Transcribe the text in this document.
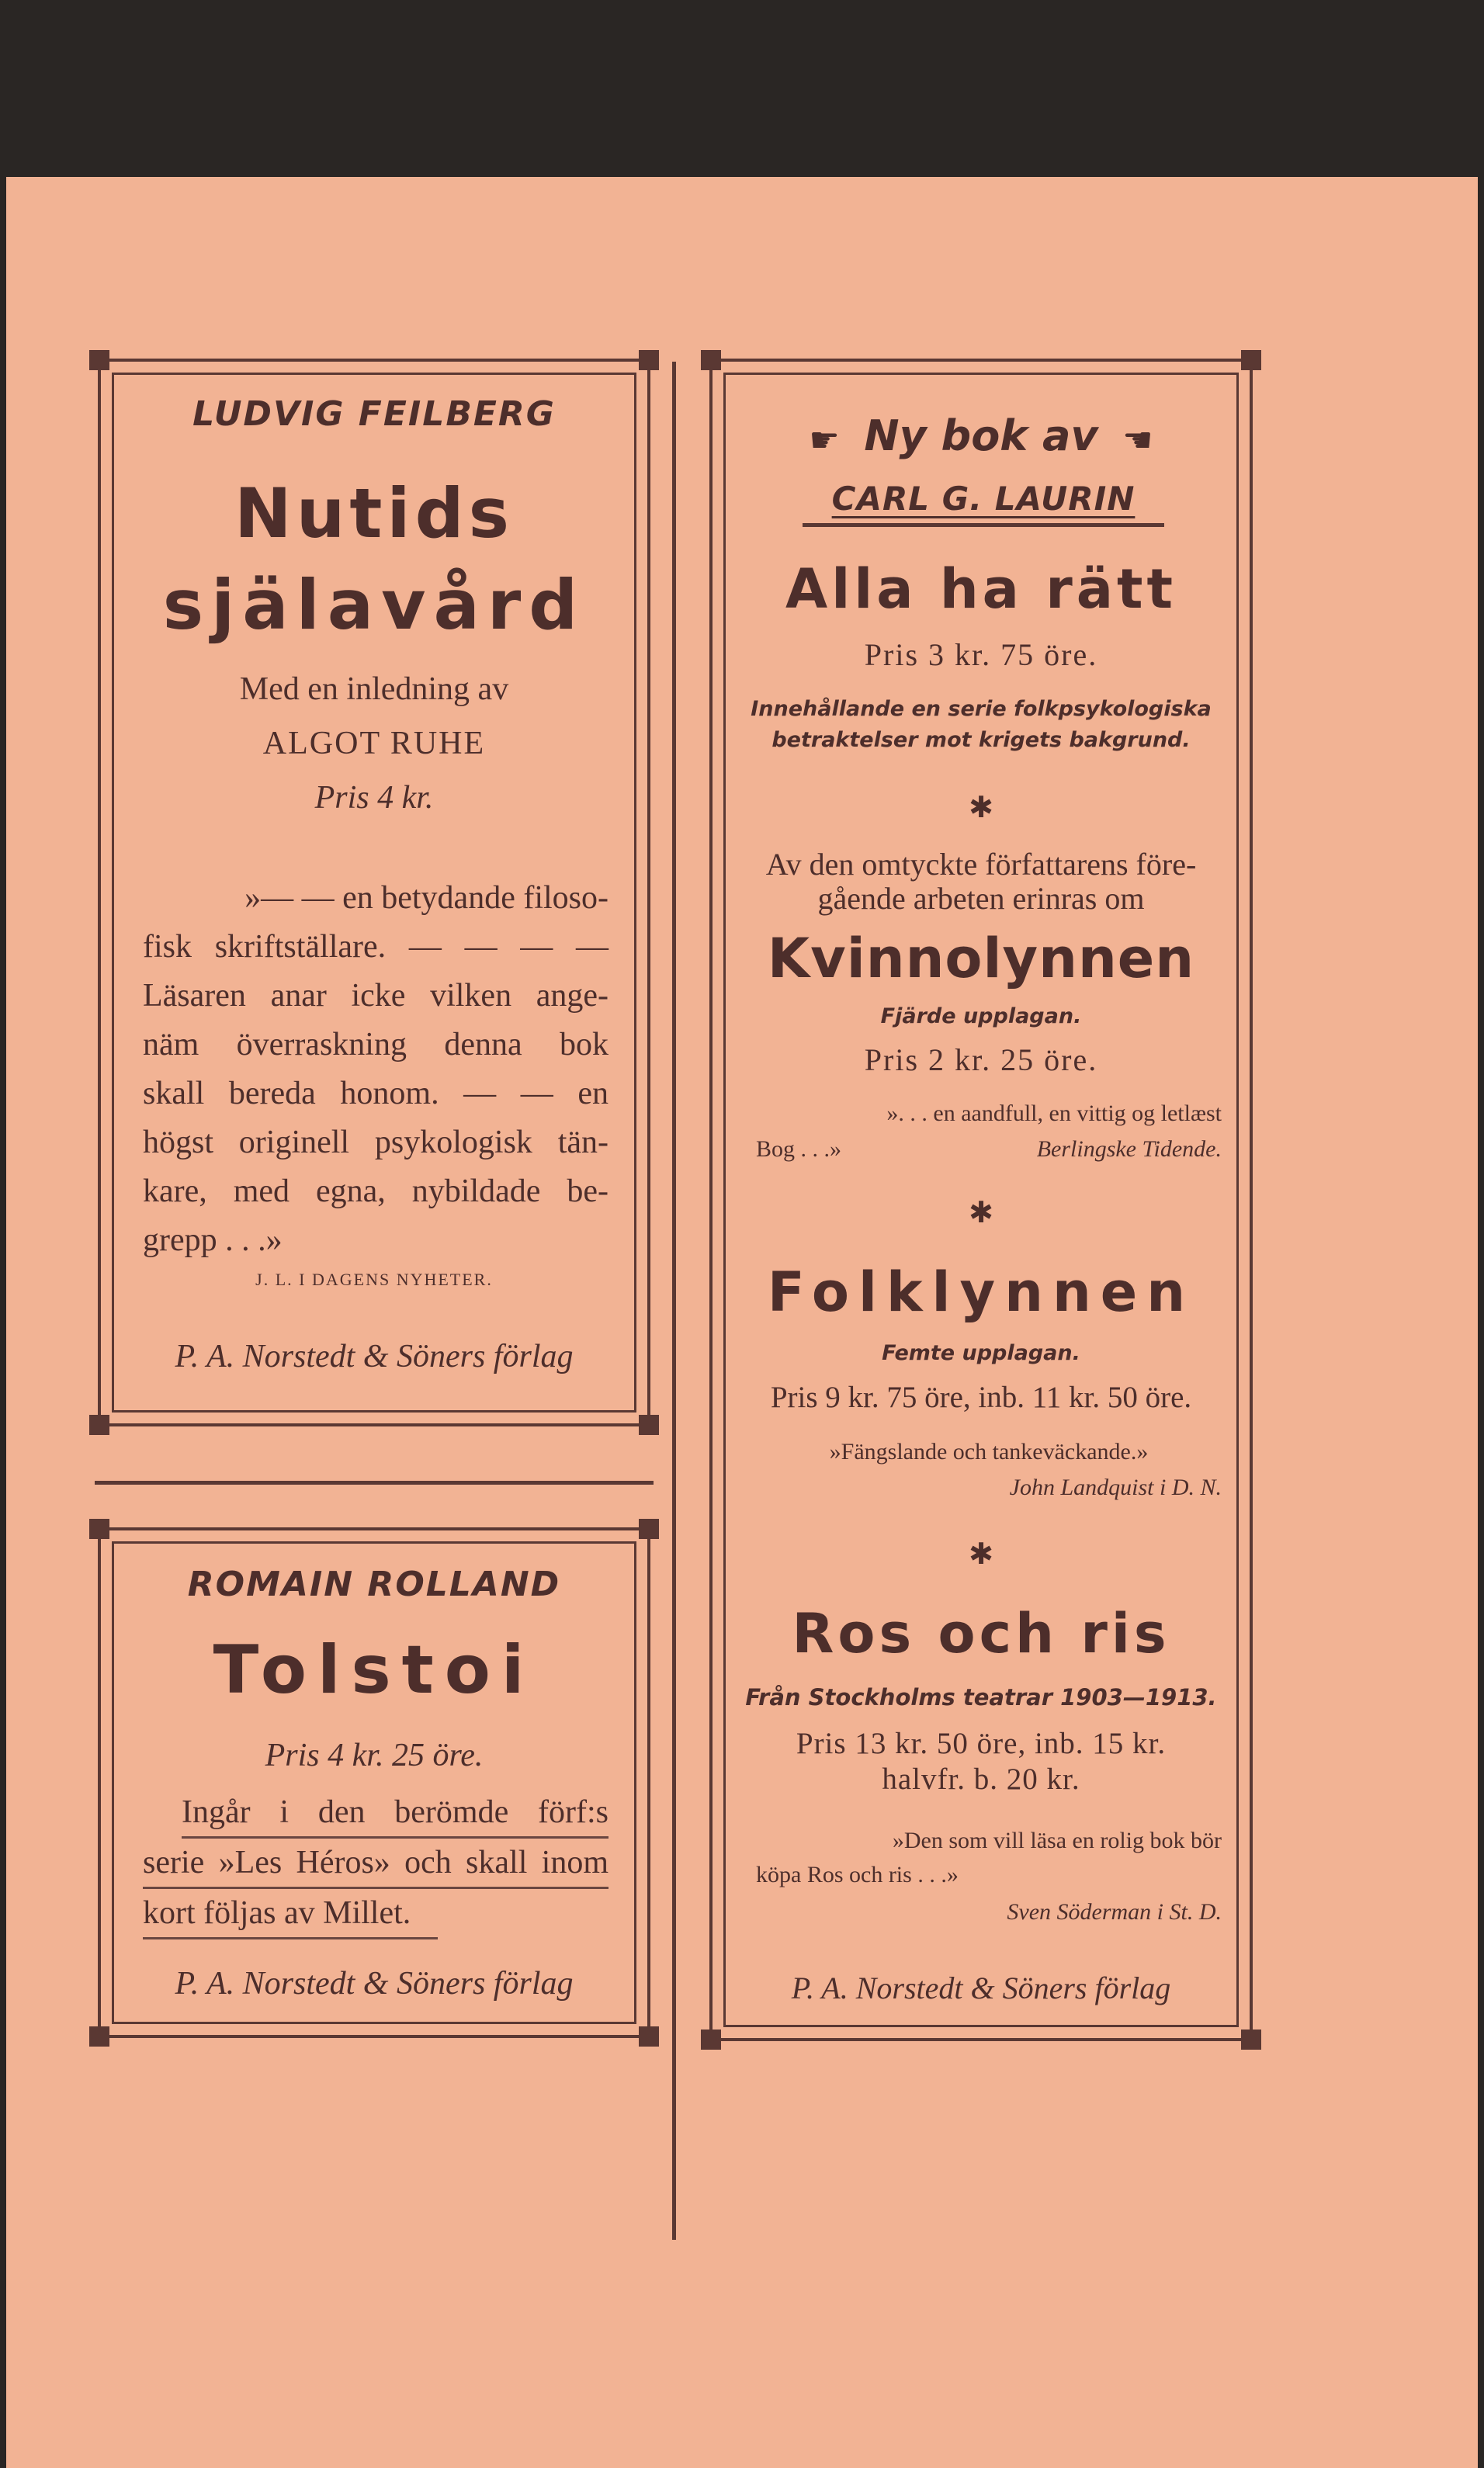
LUDVIG FEILBERG
Nutids
själavård
Med en inledning av
ALGOT RUHE
Pris 4 kr.
»— — en betydande filoso-
fisk skriftställare. — — — —
Läsaren anar icke vilken ange-
näm överraskning denna bok
skall bereda honom. — — en
högst originell psykologisk tän-
kare, med egna, nybildade be-
grepp . . .»
J. L. I DAGENS NYHETER.
P. A. Norstedt & Söners förlag
ROMAIN ROLLAND
Tolstoi
Pris 4 kr. 25 öre.
Ingår i den berömde förf:s
serie »Les Héros» och skall inom
kort följas av Millet.
P. A. Norstedt & Söners förlag
☛ Ny bok av ☚
CARL G. LAURIN
Alla ha rätt
Pris 3 kr. 75 öre.
Innehållande en serie folkpsykologiska
betraktelser mot krigets bakgrund.
✱
Av den omtyckte författarens före-
gående arbeten erinras om
Kvinnolynnen
Fjärde upplagan.
Pris 2 kr. 25 öre.
». . . en aandfull, en vittig og letlæst
Bog . . .»	Berlingske Tidende.
✱
Folklynnen
Femte upplagan.
Pris 9 kr. 75 öre, inb. 11 kr. 50 öre.
»Fängslande och tankeväckande.»
John Landquist i D. N.
✱
Ros och ris
Från Stockholms teatrar 1903—1913.
Pris 13 kr. 50 öre, inb. 15 kr.
halvfr. b. 20 kr.
»Den som vill läsa en rolig bok bör
köpa Ros och ris . . .»
Sven Söderman i St. D.
P. A. Norstedt & Söners förlag
